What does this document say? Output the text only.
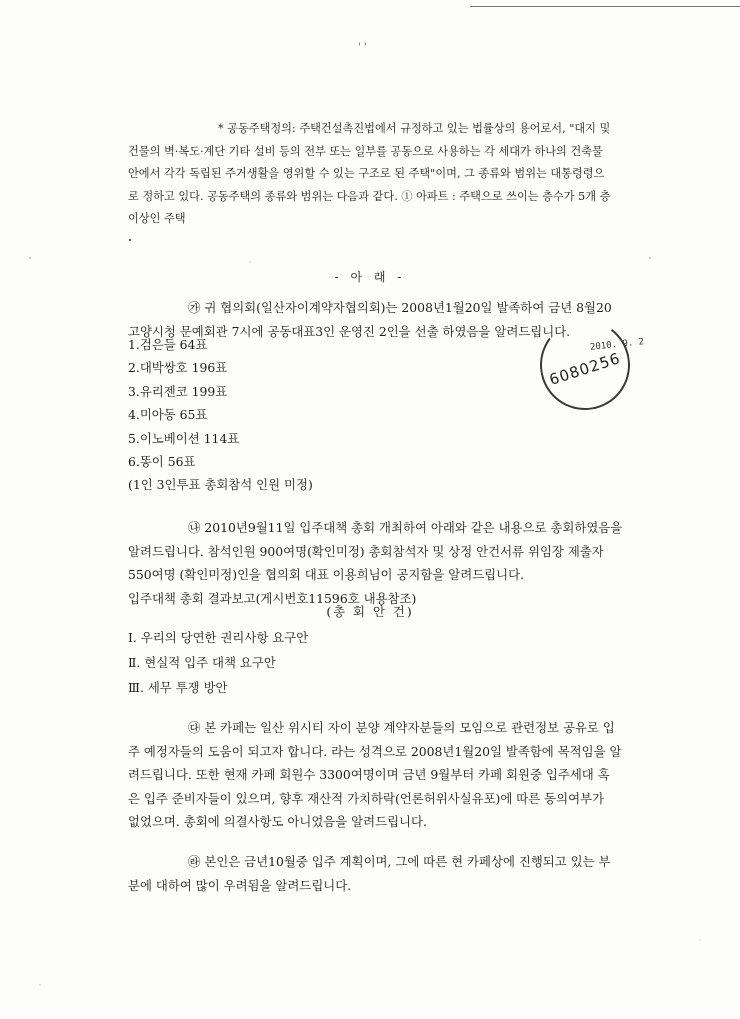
' '
* 공동주택정의: 주택건설촉진법에서 규정하고 있는 법률상의 용어로서, "대지 및
건물의 벽·복도·계단 기타 설비 등의 전부 또는 일부를 공동으로 사용하는 각 세대가 하나의 건축물
안에서 각각 독립된 주거생활을 영위할 수 있는 구조로 된 주택"이며, 그 종류와 범위는 대통령령으
로 정하고 있다. 공동주택의 종류와 범위는 다음과 같다. ① 아파트 : 주택으로 쓰이는 층수가 5개 층
이상인 주택
- 아 래 -
㉮ 귀 협의회(일산자이계약자협의회)는 2008년1월20일 발족하여 금년 8월20
고양시청 문예회관 7시에 공동대표3인 운영진 2인을 선출 하였음을 알려드립니다.
1.검은들 64표
2.대박쌍호 196표
3.유리젠코 199표
4.미아동 65표
5.이노베이션 114표
6.똥이 56표
(1인 3인투표 총회참석 인원 미정)
2010. 9. 2
6080256
㉯ 2010년9월11일 입주대책 총회 개최하여 아래와 같은 내용으로 총회하였음을
알려드립니다. 참석인원 900여명(확인미정) 총회참석자 및 상정 안건서류 위임장 제출자
550여명 (확인미정)인을 협의회 대표 이용희님이 공지함을 알려드립니다.
입주대책 총회 결과보고(게시번호11596호 내용참조)
(총 회 안 건)
Ⅰ. 우리의 당연한 권리사항 요구안
Ⅱ. 현실적 입주 대책 요구안
Ⅲ. 세무 투쟁 방안
㉰ 본 카페는 일산 위시티 자이 분양 계약자분들의 모임으로 관련정보 공유로 입
주 예정자들의 도움이 되고자 합니다. 라는 성격으로 2008년1월20일 발족함에 목적임을 알
려드립니다. 또한 현재 카페 회원수 3300여명이며 금년 9월부터 카페 회원중 입주세대 혹
은 입주 준비자들이 있으며, 향후 재산적 가치하락(언론허위사실유포)에 따른 동의여부가
없었으며. 총회에 의결사항도 아니었음을 알려드립니다.
㉱ 본인은 금년10월중 입주 계획이며, 그에 따른 현 카페상에 진행되고 있는 부
분에 대하여 많이 우려됨을 알려드립니다.
